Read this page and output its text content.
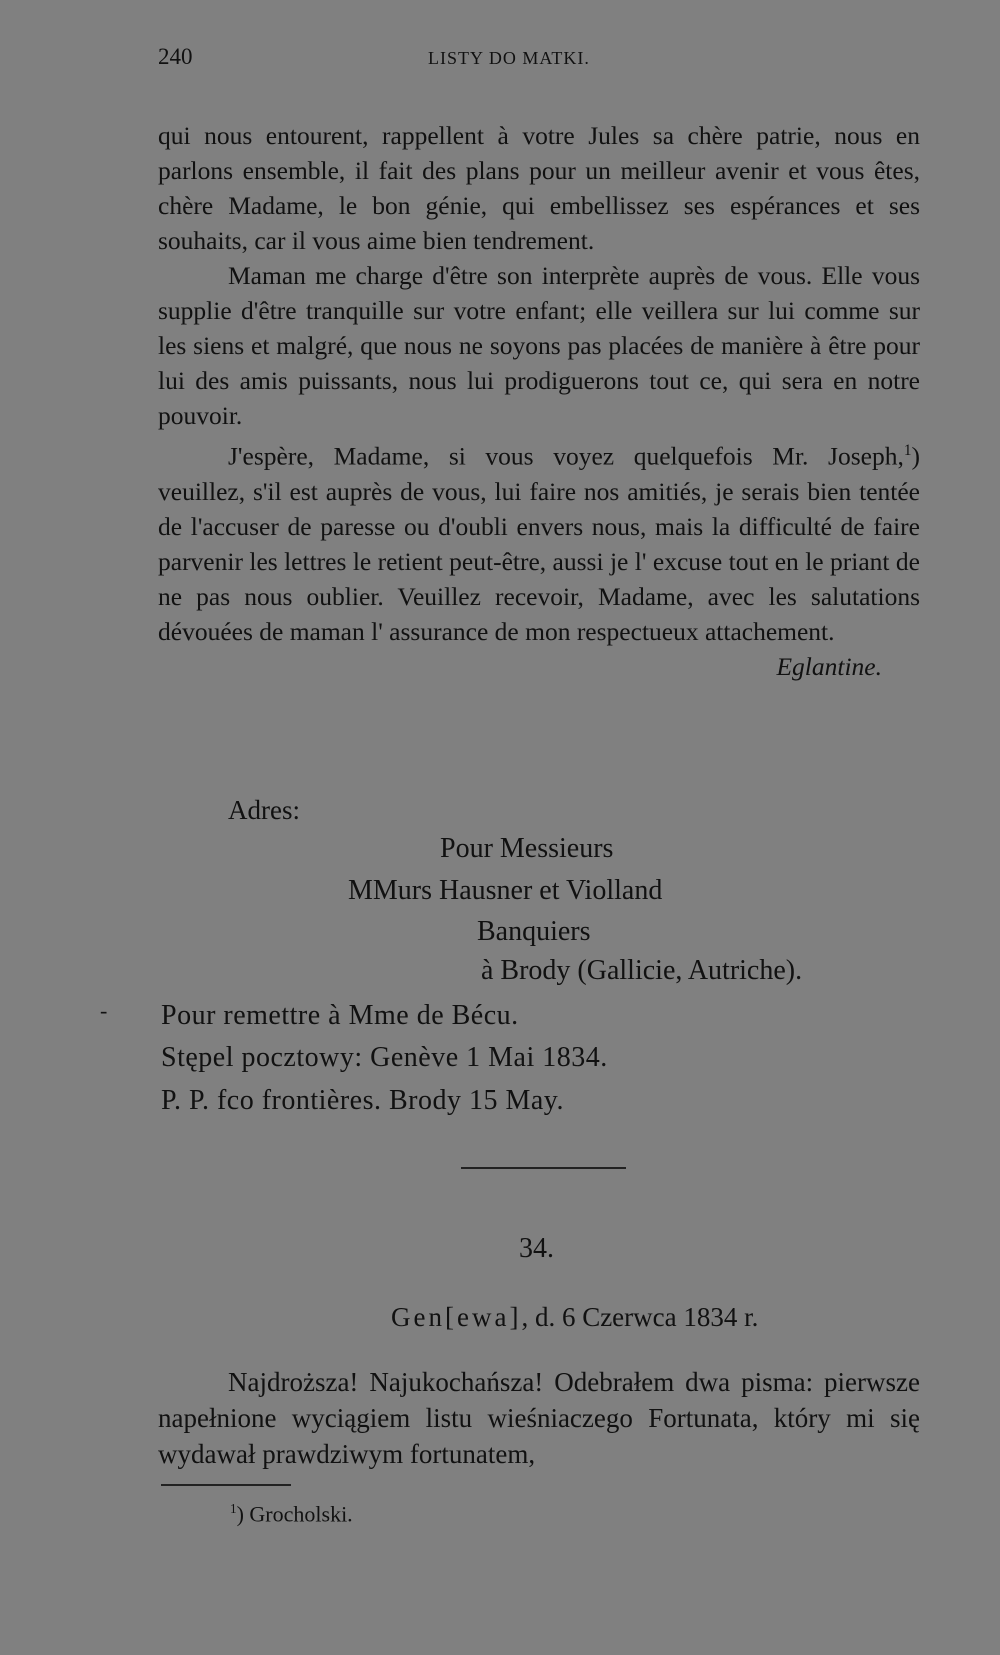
240	LISTY DO MATKI.

qui nous entourent, rappellent à votre Jules sa chère patrie, nous en parlons ensemble, il fait des plans pour un meilleur avenir et vous êtes, chère Madame, le bon génie, qui embellissez ses espérances et ses souhaits, car il vous aime bien tendrement.

Maman me charge d'être son interprète auprès de vous. Elle vous supplie d'être tranquille sur votre enfant; elle veillera sur lui comme sur les siens et malgré, que nous ne soyons pas placées de manière à être pour lui des amis puissants, nous lui prodiguerons tout ce, qui sera en notre pouvoir.

J'espère, Madame, si vous voyez quelquefois Mr. Joseph,$^1$) veuillez, s'il est auprès de vous, lui faire nos amitiés, je serais bien tentée de l'accuser de paresse ou d'oubli envers nous, mais la difficulté de faire parvenir les lettres le retient peut-être, aussi je l' excuse tout en le priant de ne pas nous oublier. Veuillez recevoir, Madame, avec les salutations dévouées de maman l' assurance de mon respectueux attachement.
Eglantine.

Adres:
Pour Messieurs
MMurs Hausner et Violland
Banquiers
à Brody (Gallicie, Autriche).
- Pour remettre à Mme de Bécu.
Stępel pocztowy: Genève 1 Mai 1834.
P. P. fco frontières. Brody 15 May.
34.
Gen[ewa], d. 6 Czerwca 1834 r.

Najdroższa! Najukochańsza! Odebrałem dwa pisma: pierwsze napełnione wyciągiem listu wieśniaczego Fortunata, który mi się wydawał prawdziwym fortunatem,

$^1$) Grocholski.
